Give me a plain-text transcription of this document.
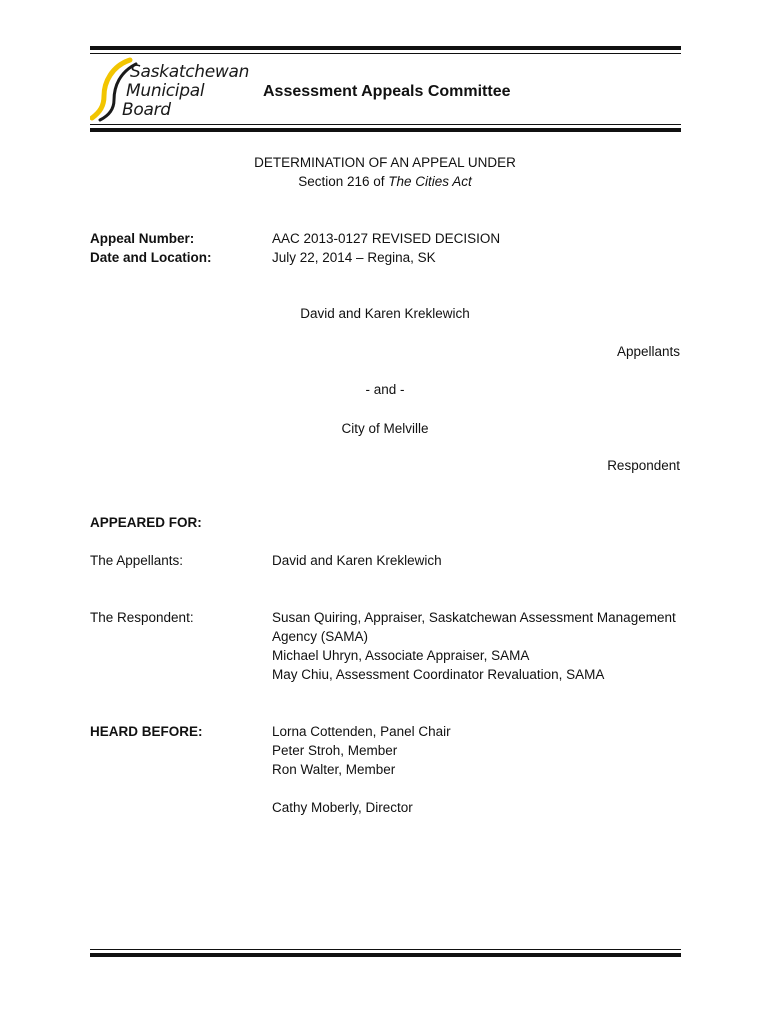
Saskatchewan
Municipal
Board
Assessment Appeals Committee
DETERMINATION OF AN APPEAL UNDER
Section 216 of The Cities Act
Appeal Number:	AAC 2013-0127 REVISED DECISION
Date and Location:	July 22, 2014 – Regina, SK
David and Karen Kreklewich
Appellants
- and -
City of Melville
Respondent
APPEARED FOR:
The Appellants:	David and Karen Kreklewich
The Respondent:	Susan Quiring, Appraiser, Saskatchewan Assessment Management
Agency (SAMA)
Michael Uhryn, Associate Appraiser, SAMA
May Chiu, Assessment Coordinator Revaluation, SAMA
HEARD BEFORE:	Lorna Cottenden, Panel Chair
Peter Stroh, Member
Ron Walter, Member
Cathy Moberly, Director
